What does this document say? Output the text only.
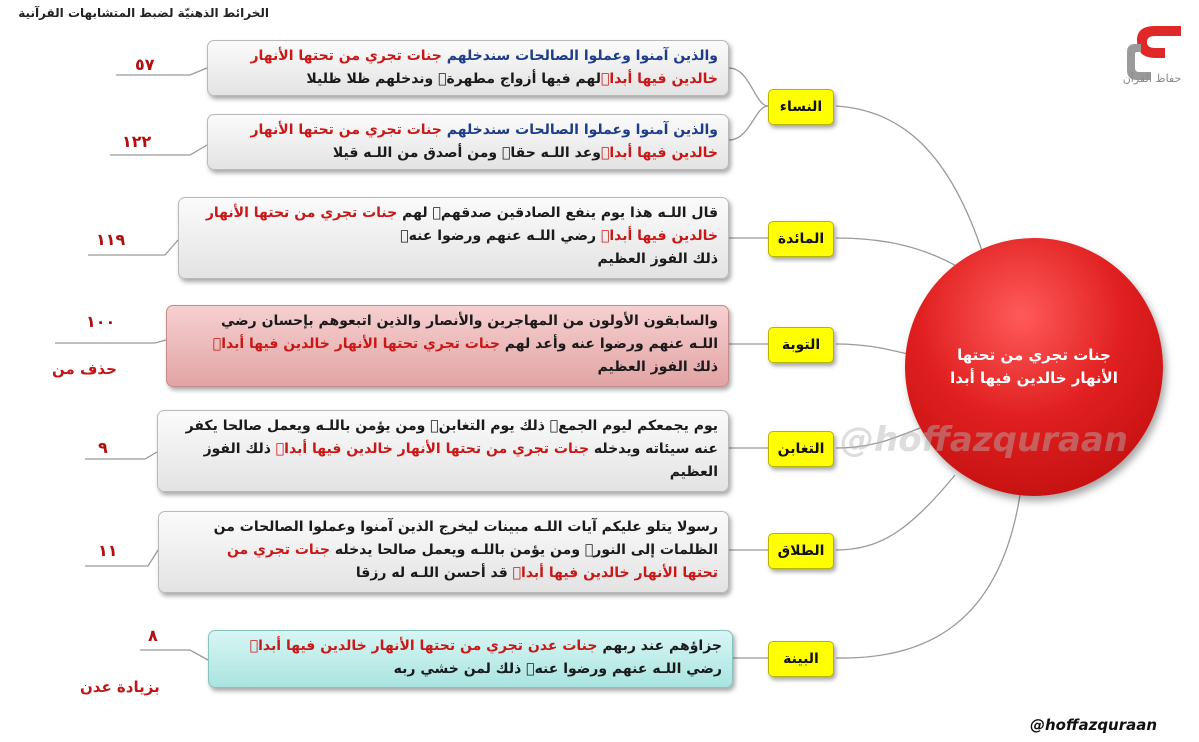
الخرائط الذهنيّة لضبط المتشابهات القرآنية
حفاظ القرآن
جنات تجري من تحتها الأنهار خالدين فيها أبدا
@hoffazquraan
@hoffazquraan
النساء
المائدة
التوبة
التغابن
الطلاق
البينة
والذين آمنوا وعملوا الصالحات سندخلهم جنات تجري من تحتها الأنهار
خالدين فيها أبداۖلهم فيها أزواج مطهرةۖ وندخلهم ظلا ظليلا
والذين آمنوا وعملوا الصالحات سندخلهم جنات تجري من تحتها الأنهار
خالدين فيها أبداۖوعد اللـه حقاۚ ومن أصدق من اللـه قيلا
قال اللـه هذا يوم ينفع الصادقين صدقهمۚ لهم جنات تجري من تحتها الأنهار
خالدين فيها أبداۖ رضي اللـه عنهم ورضوا عنهۚ
ذلك الفوز العظيم
والسابقون الأولون من المهاجرين والأنصار والذين اتبعوهم بإحسان رضي
اللـه عنهم ورضوا عنه وأعد لهم جنات تجري تحتها الأنهار خالدين فيها أبدا
ذلك الفوز العظيم
يوم يجمعكم ليوم الجمعۖ ذلك يوم التغابنۗ ومن يؤمن باللـه ويعمل صالحا يكفر
عنه سيئاته ويدخله جنات تجري من تحتها الأنهار خالدين فيها أبداۚ ذلك الفوز
العظيم
رسولا يتلو عليكم آيات اللـه مبينات ليخرج الذين آمنوا وعملوا الصالحات من
الظلمات إلى النورۚ ومن يؤمن باللـه ويعمل صالحا يدخله جنات تجري من
تحتها الأنهار خالدين فيها أبداۖ قد أحسن اللـه له رزقا
جزاؤهم عند ربهم جنات عدن تجري من تحتها الأنهار خالدين فيها أبدا
رضي اللـه عنهم ورضوا عنهۚ ذلك لمن خشي ربه
٥٧
١٢٢
١١٩
١٠٠
حذف من
٩
١١
٨
بزيادة عدن
